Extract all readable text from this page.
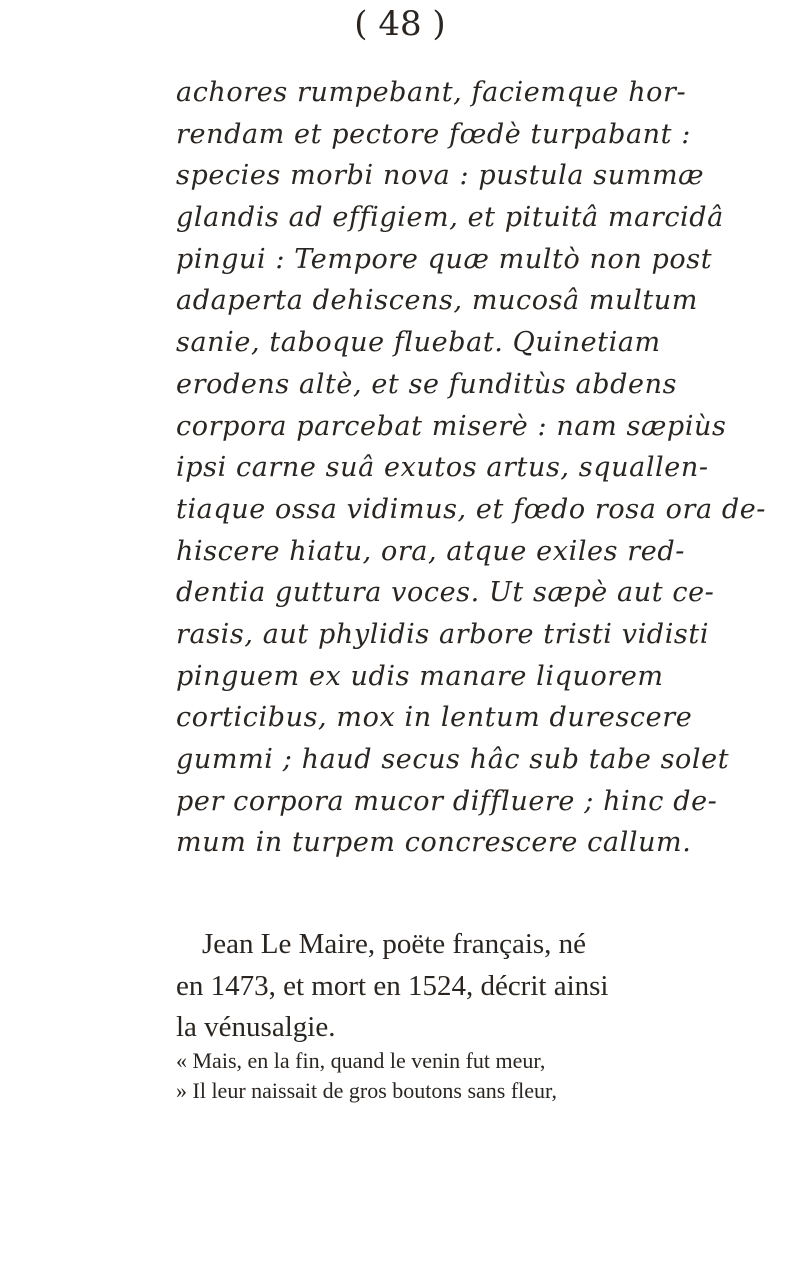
( 48 )
achores rumpebant, faciemque hor-
rendam et pectore fœdè turpabant :
species morbi nova : pustula summæ
glandis ad effigiem, et pituitâ marcidâ
pingui : Tempore quæ multò non post
adaperta dehiscens, mucosâ multum
sanie, taboque fluebat. Quinetiam
erodens altè, et se funditùs abdens
corpora parcebat miserè : nam sæpiùs
ipsi carne suâ exutos artus, squallen-
tiaque ossa vidimus, et fœdo rosa ora de-
hiscere hiatu, ora, atque exiles red-
dentia guttura voces. Ut sæpè aut ce-
rasis, aut phylidis arbore tristi vidisti
pinguem ex udis manare liquorem
corticibus, mox in lentum durescere
gummi ; haud secus hâc sub tabe solet
per corpora mucor diffluere ; hinc de-
mum in turpem concrescere callum.
Jean Le Maire, poëte français, né
en 1473, et mort en 1524, décrit ainsi
la vénusalgie.
« Mais, en la fin, quand le venin fut meur,
» Il leur naissait de gros boutons sans fleur,
